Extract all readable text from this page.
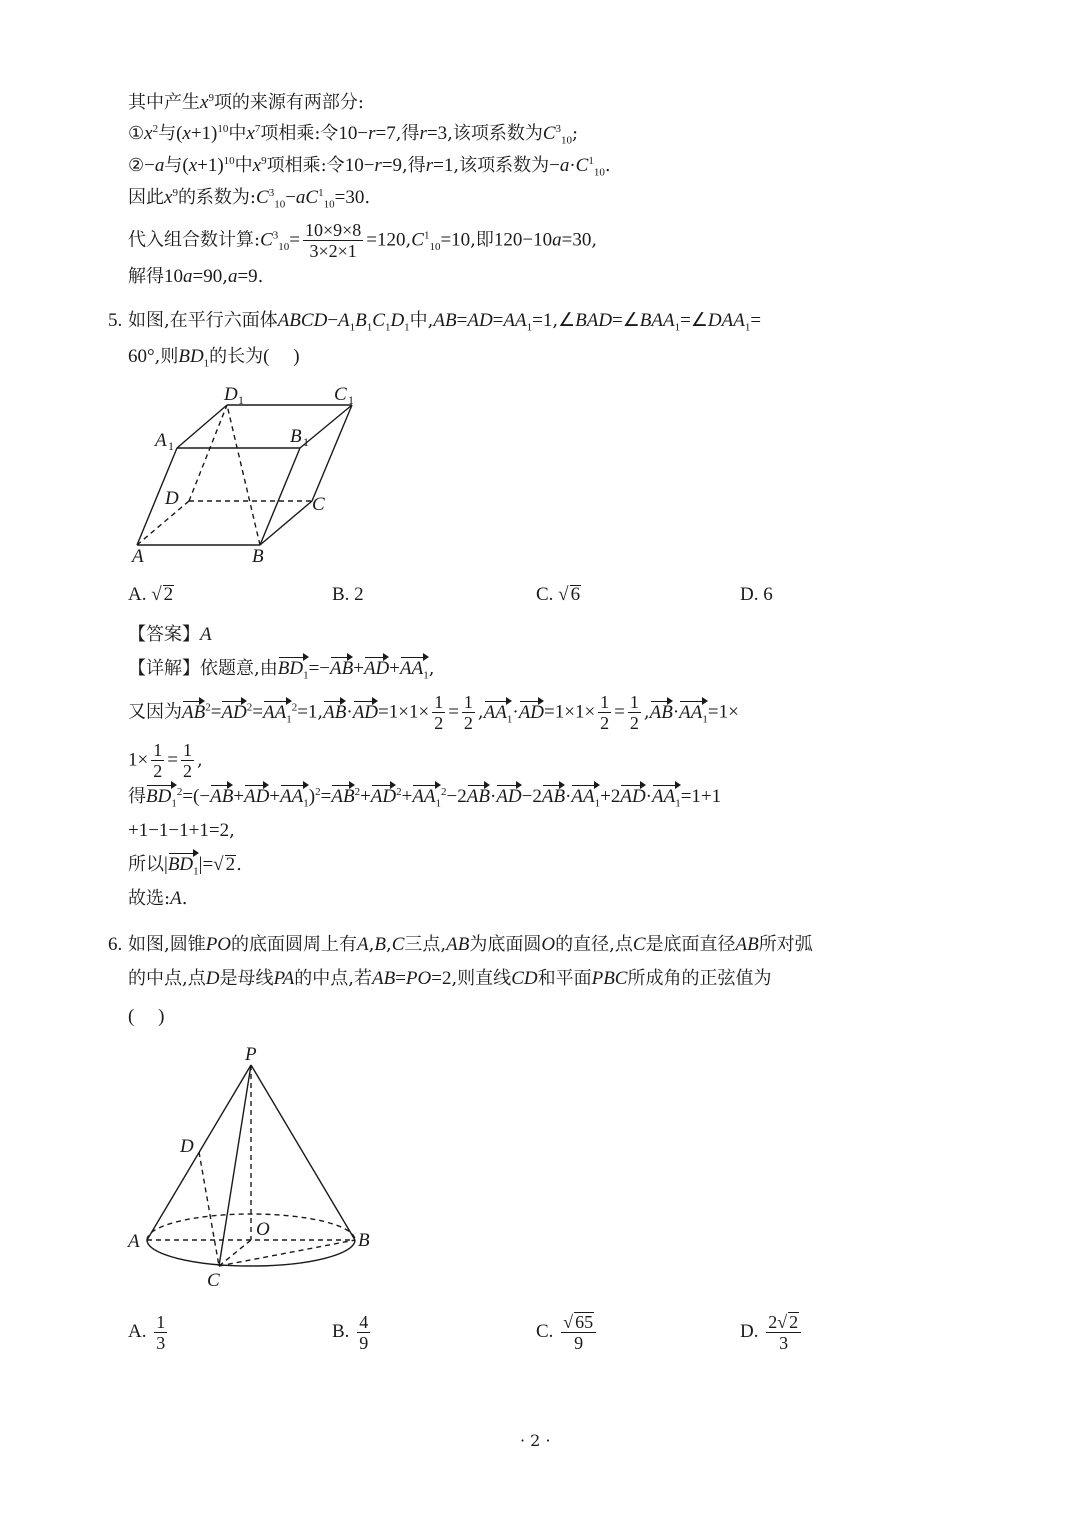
其中产生$x^9$项的来源有两部分:
$①x^2$与$(x+1)^{10}$中$x^7$项相乘:令10−r=7,得r=3,该项系数为$C^3_{10}$;
②−a与$(x+1)^{10}$中$x^9$项相乘:令10−r=9,得r=1,该项系数为$-a\cdot C^1_{10}$.
因此$x^9$的系数为$:C^3_{10}-aC^1_{10}=30$.
代入组合数计算$:C^3_{10}= \frac{10\times 9\times 8}{3\times 2\times 1} =120,C^1_{10}=10$,即120−10a=30,
解得10a=90,a=9.
5. 如图,在平行六面体$ABCD-A_1B_1C_1D_1$中$,AB=AD=AA_1=1,\angle BAD=\angle BAA_1=\angle DAA_1=$
60°,则$BD_1$的长为(     )
D 1	C 1
A 1	B 1
D	C
A	B
A. √ 2	B. 2	C. √ 6	D. 6
【答案】A
【详解】依题意,由$BD_1=-AB+AD+AA_1$,
又因为$AB^2=AD^2=AA_1^2=1,AB\cdot AD=1\times 1\times \frac{1}{2} = \frac{1}{2} ,AA_1\cdot AD=1\times 1\times \frac{1}{2} = \frac{1}{2} ,AB\cdot AA_1=1\times$
$1\times \frac{1}{2} = \frac{1}{2}$ ,
得$BD_1^2=(-AB+AD+AA_1)^2=AB^2+AD^2+AA_1^2-2AB\cdot AD-2AB\cdot AA_1+2AD\cdot AA_1=1+1$
+1−1−1+1=2,
所以$|BD_1|=√$ 2.
故选:A.
6. 如图,圆锥PO的底面圆周上有A,B,C三点,AB为底面圆O的直径,点C是底面直径AB所对弧
的中点,点D是母线PA的中点,若AB=PO=2,则直线CD和平面PBC所成角的正弦值为
(     )
P
D
O
A	B
C
A. $\frac{1}{3}$	B. $\frac{4}{9}$	C. $\frac{√ 65}{9}$	D. $\frac{2√ 2}{3}$
· 2 ·
